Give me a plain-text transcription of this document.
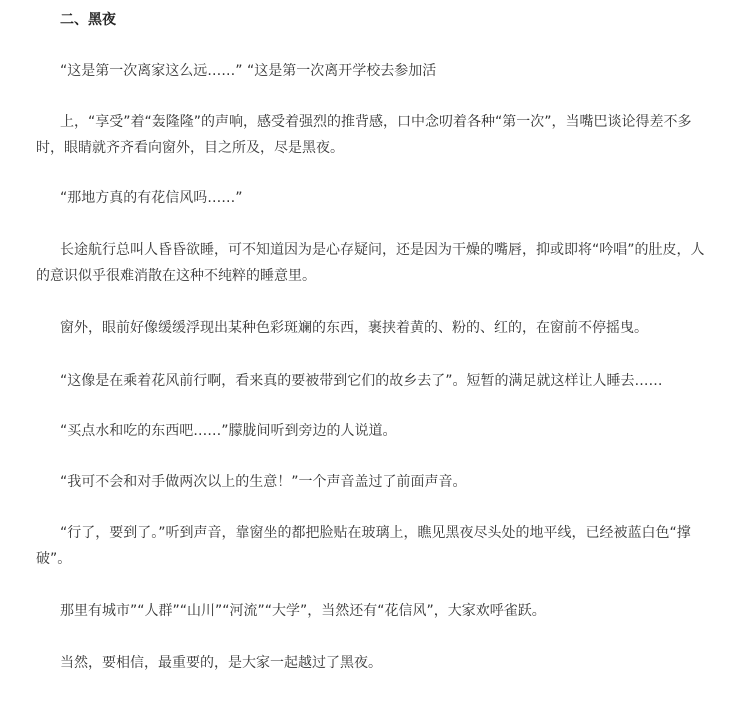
二、黑夜

“这是第一次离家这么远……” “这是第一次离开学校去参加活

上，“享受”着“轰隆隆”的声响，感受着强烈的推背感，口中念叨着各种“第一次”，当嘴巴谈论得差不多时，眼睛就齐齐看向窗外，目之所及，尽是黑夜。

“那地方真的有花信风吗……”

长途航行总叫人昏昏欲睡，可不知道因为是心存疑问，还是因为干燥的嘴唇，抑或即将“吟唱”的肚皮，人的意识似乎很难消散在这种不纯粹的睡意里。

窗外，眼前好像缓缓浮现出某种色彩斑斓的东西，裹挟着黄的、粉的、红的，在窗前不停摇曳。

“这像是在乘着花风前行啊，看来真的要被带到它们的故乡去了”。短暂的满足就这样让人睡去……

“买点水和吃的东西吧……”朦胧间听到旁边的人说道。

“我可不会和对手做两次以上的生意！”一个声音盖过了前面声音。

“行了，要到了。”听到声音，靠窗坐的都把脸贴在玻璃上，瞧见黑夜尽头处的地平线，已经被蓝白色“撑破”。

那里有城市”“人群”“山川”“河流”“大学”，当然还有“花信风”，大家欢呼雀跃。

当然，要相信，最重要的，是大家一起越过了黑夜。
